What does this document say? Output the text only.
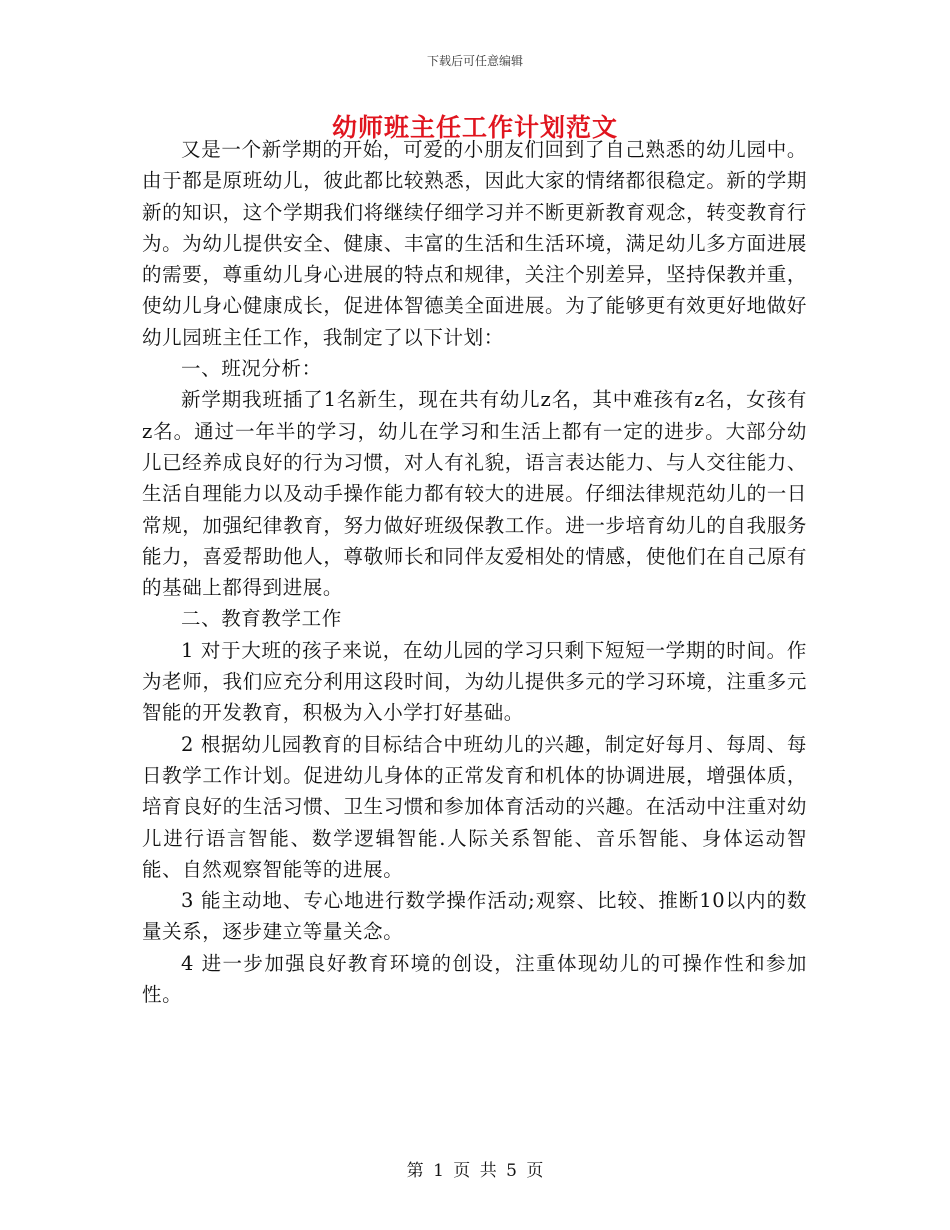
下载后可任意编辑
幼师班主任工作计划范文

又是一个新学期的开始，可爱的小朋友们回到了自己熟悉的幼儿园中。由于都是原班幼儿，彼此都比较熟悉，因此大家的情绪都很稳定。新的学期新的知识，这个学期我们将继续仔细学习并不断更新教育观念，转变教育行为。为幼儿提供安全、健康、丰富的生活和生活环境，满足幼儿多方面进展的需要，尊重幼儿身心进展的特点和规律，关注个别差异，坚持保教并重，使幼儿身心健康成长，促进体智德美全面进展。为了能够更有效更好地做好幼儿园班主任工作，我制定了以下计划：

一、班况分析：

新学期我班插了1名新生，现在共有幼儿z名，其中难孩有z名，女孩有z名。通过一年半的学习，幼儿在学习和生活上都有一定的进步。大部分幼儿已经养成良好的行为习惯，对人有礼貌，语言表达能力、与人交往能力、生活自理能力以及动手操作能力都有较大的进展。仔细法律规范幼儿的一日常规，加强纪律教育，努力做好班级保教工作。进一步培育幼儿的自我服务能力，喜爱帮助他人，尊敬师长和同伴友爱相处的情感，使他们在自己原有的基础上都得到进展。

二、教育教学工作

1 对于大班的孩子来说，在幼儿园的学习只剩下短短一学期的时间。作为老师，我们应充分利用这段时间，为幼儿提供多元的学习环境，注重多元智能的开发教育，积极为入小学打好基础。

2 根据幼儿园教育的目标结合中班幼儿的兴趣，制定好每月、每周、每日教学工作计划。促进幼儿身体的正常发育和机体的协调进展，增强体质，培育良好的生活习惯、卫生习惯和参加体育活动的兴趣。在活动中注重对幼儿进行语言智能、数学逻辑智能.人际关系智能、音乐智能、身体运动智能、自然观察智能等的进展。

3 能主动地、专心地进行数学操作活动;观察、比较、推断10以内的数量关系，逐步建立等量关念。

4 进一步加强良好教育环境的创设，注重体现幼儿的可操作性和参加性。

第 1 页 共 5 页
